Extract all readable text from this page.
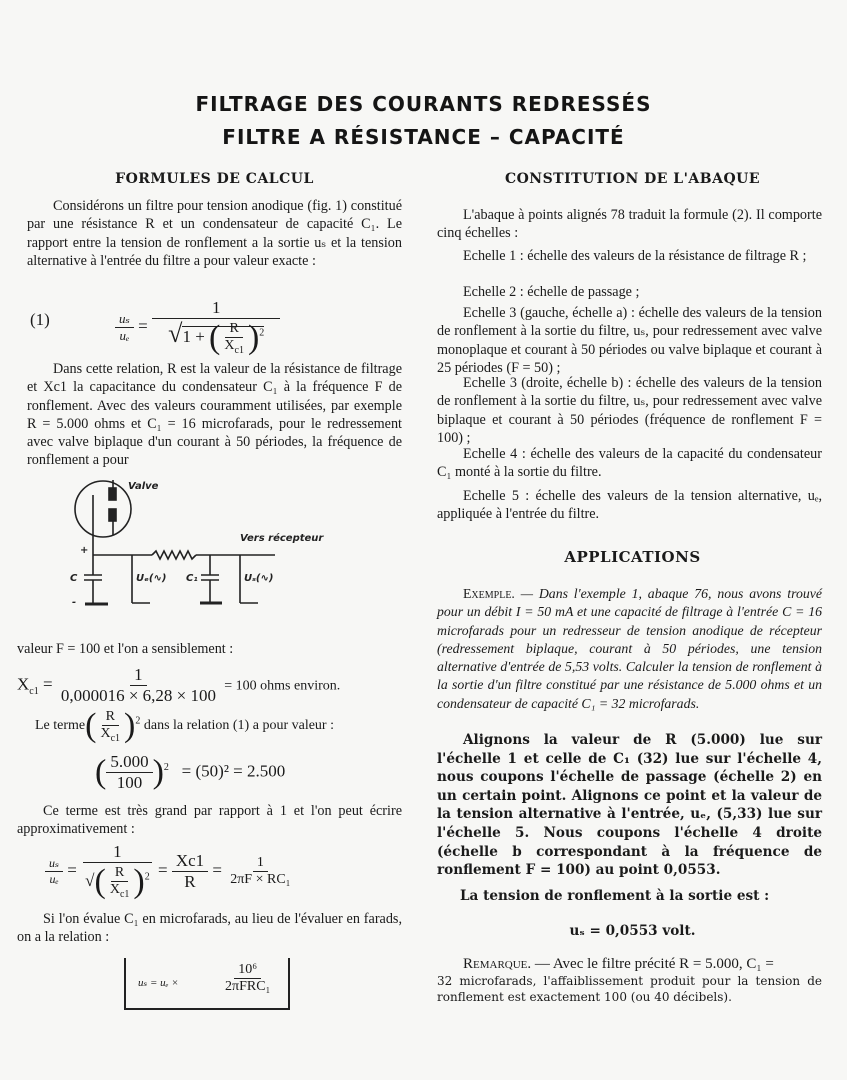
FILTRAGE DES COURANTS REDRESSÉS
FILTRE A RÉSISTANCE – CAPACITÉ
FORMULES DE CALCUL
Considérons un filtre pour tension anodique (fig. 1) constitué par une résistance R et un condensateur de capacité C₁. Le rapport entre la tension de ronflement a la sortie uₛ et la tension alternative à l'entrée du filtre a pour valeur exacte :
(1)	$\frac{\text{uₛ}}{\text{uₑ}} = \frac{1}{√1 + ( \frac{R}{X_{c1}} )^2}$
Dans cette relation, R est la valeur de la résistance de filtrage et Xc1 la capacitance du condensateur C₁ à la fréquence F de ronflement. Avec des valeurs couramment utilisées, par exemple R = 5.000 ohms et C₁ = 16 microfarads, pour le redressement avec valve biplaque d'un courant à 50 périodes, la fréquence de ronflement a pour
Valve
Vers récepteur
+
-
C	C₁
Uₑ(∿)	Uₛ(∿)
valeur F = 100 et l'on a sensiblement :
$X_{c1} = \frac{1}{0,000016 \times 6,28 \times 100} = 100$ ohms environ.
Le terme( $\frac{R}{X_{c1}} )^2$ dans la relation (1) a pour valeur :
( $\frac{5.000}{100} )^2 = (50)^2 = 2.500$
Ce terme est très grand par rapport à 1 et l'on peut écrire approximativement :
$\frac{\text{uₛ}}{\text{uₑ}} = \frac{1}{√( \frac{R}{X_{c1}} )^2} = \frac{Xc1}{R} = \frac{1}{\text{2πF × RC₁}}$
Si l'on évalue C₁ en microfarads, au lieu de l'évaluer en farads, on a la relation :
uₛ = uₑ ×
10⁶
2πFRC₁
CONSTITUTION DE L'ABAQUE
L'abaque à points alignés 78 traduit la formule (2). Il comporte cinq échelles :
Echelle 1 : échelle des valeurs de la résistance de filtrage R ;
Echelle 2 : échelle de passage ;
Echelle 3 (gauche, échelle a) : échelle des valeurs de la tension de ronflement à la sortie du filtre, uₛ, pour redressement avec valve monoplaque et courant à 50 périodes ou valve biplaque et courant à 25 périodes (F = 50) ;
Echelle 3 (droite, échelle b) : échelle des valeurs de la tension de ronflement à la sortie du filtre, uₛ, pour redressement avec valve biplaque et courant à 50 périodes (fréquence de ronflement F = 100) ;
Echelle 4 : échelle des valeurs de la capacité du condensateur C₁ monté à la sortie du filtre.
Echelle 5 : échelle des valeurs de la tension alternative, uₑ, appliquée à l'entrée du filtre.
APPLICATIONS
Exemple. — Dans l'exemple 1, abaque 76, nous avons trouvé pour un débit I = 50 mA et une capacité de filtrage à l'entrée C = 16 microfarads pour un redresseur de tension anodique de récepteur (redressement biplaque, courant à 50 périodes, une tension alternative d'entrée de 5,53 volts. Calculer la tension de ronflement à la sortie d'un filtre constitué par une résistance de 5.000 ohms et un condensateur de capacité C₁ = 32 microfarads.
Alignons la valeur de R (5.000) lue sur l'échelle 1 et celle de C₁ (32) lue sur l'échelle 4, nous coupons l'échelle de passage (échelle 2) en un certain point. Alignons ce point et la valeur de la tension alternative à l'entrée, uₑ, (5,33) lue sur l'échelle 5. Nous coupons l'échelle 4 droite (échelle b correspondant à la fréquence de ronflement F = 100) au point 0,0553.
La tension de ronflement à la sortie est :
uₛ = 0,0553 volt.
Remarque. — Avec le filtre précité R = 5.000, C₁ =
32 microfarads, l'affaiblissement produit pour la tension de ronflement est exactement 100 (ou 40 décibels).
